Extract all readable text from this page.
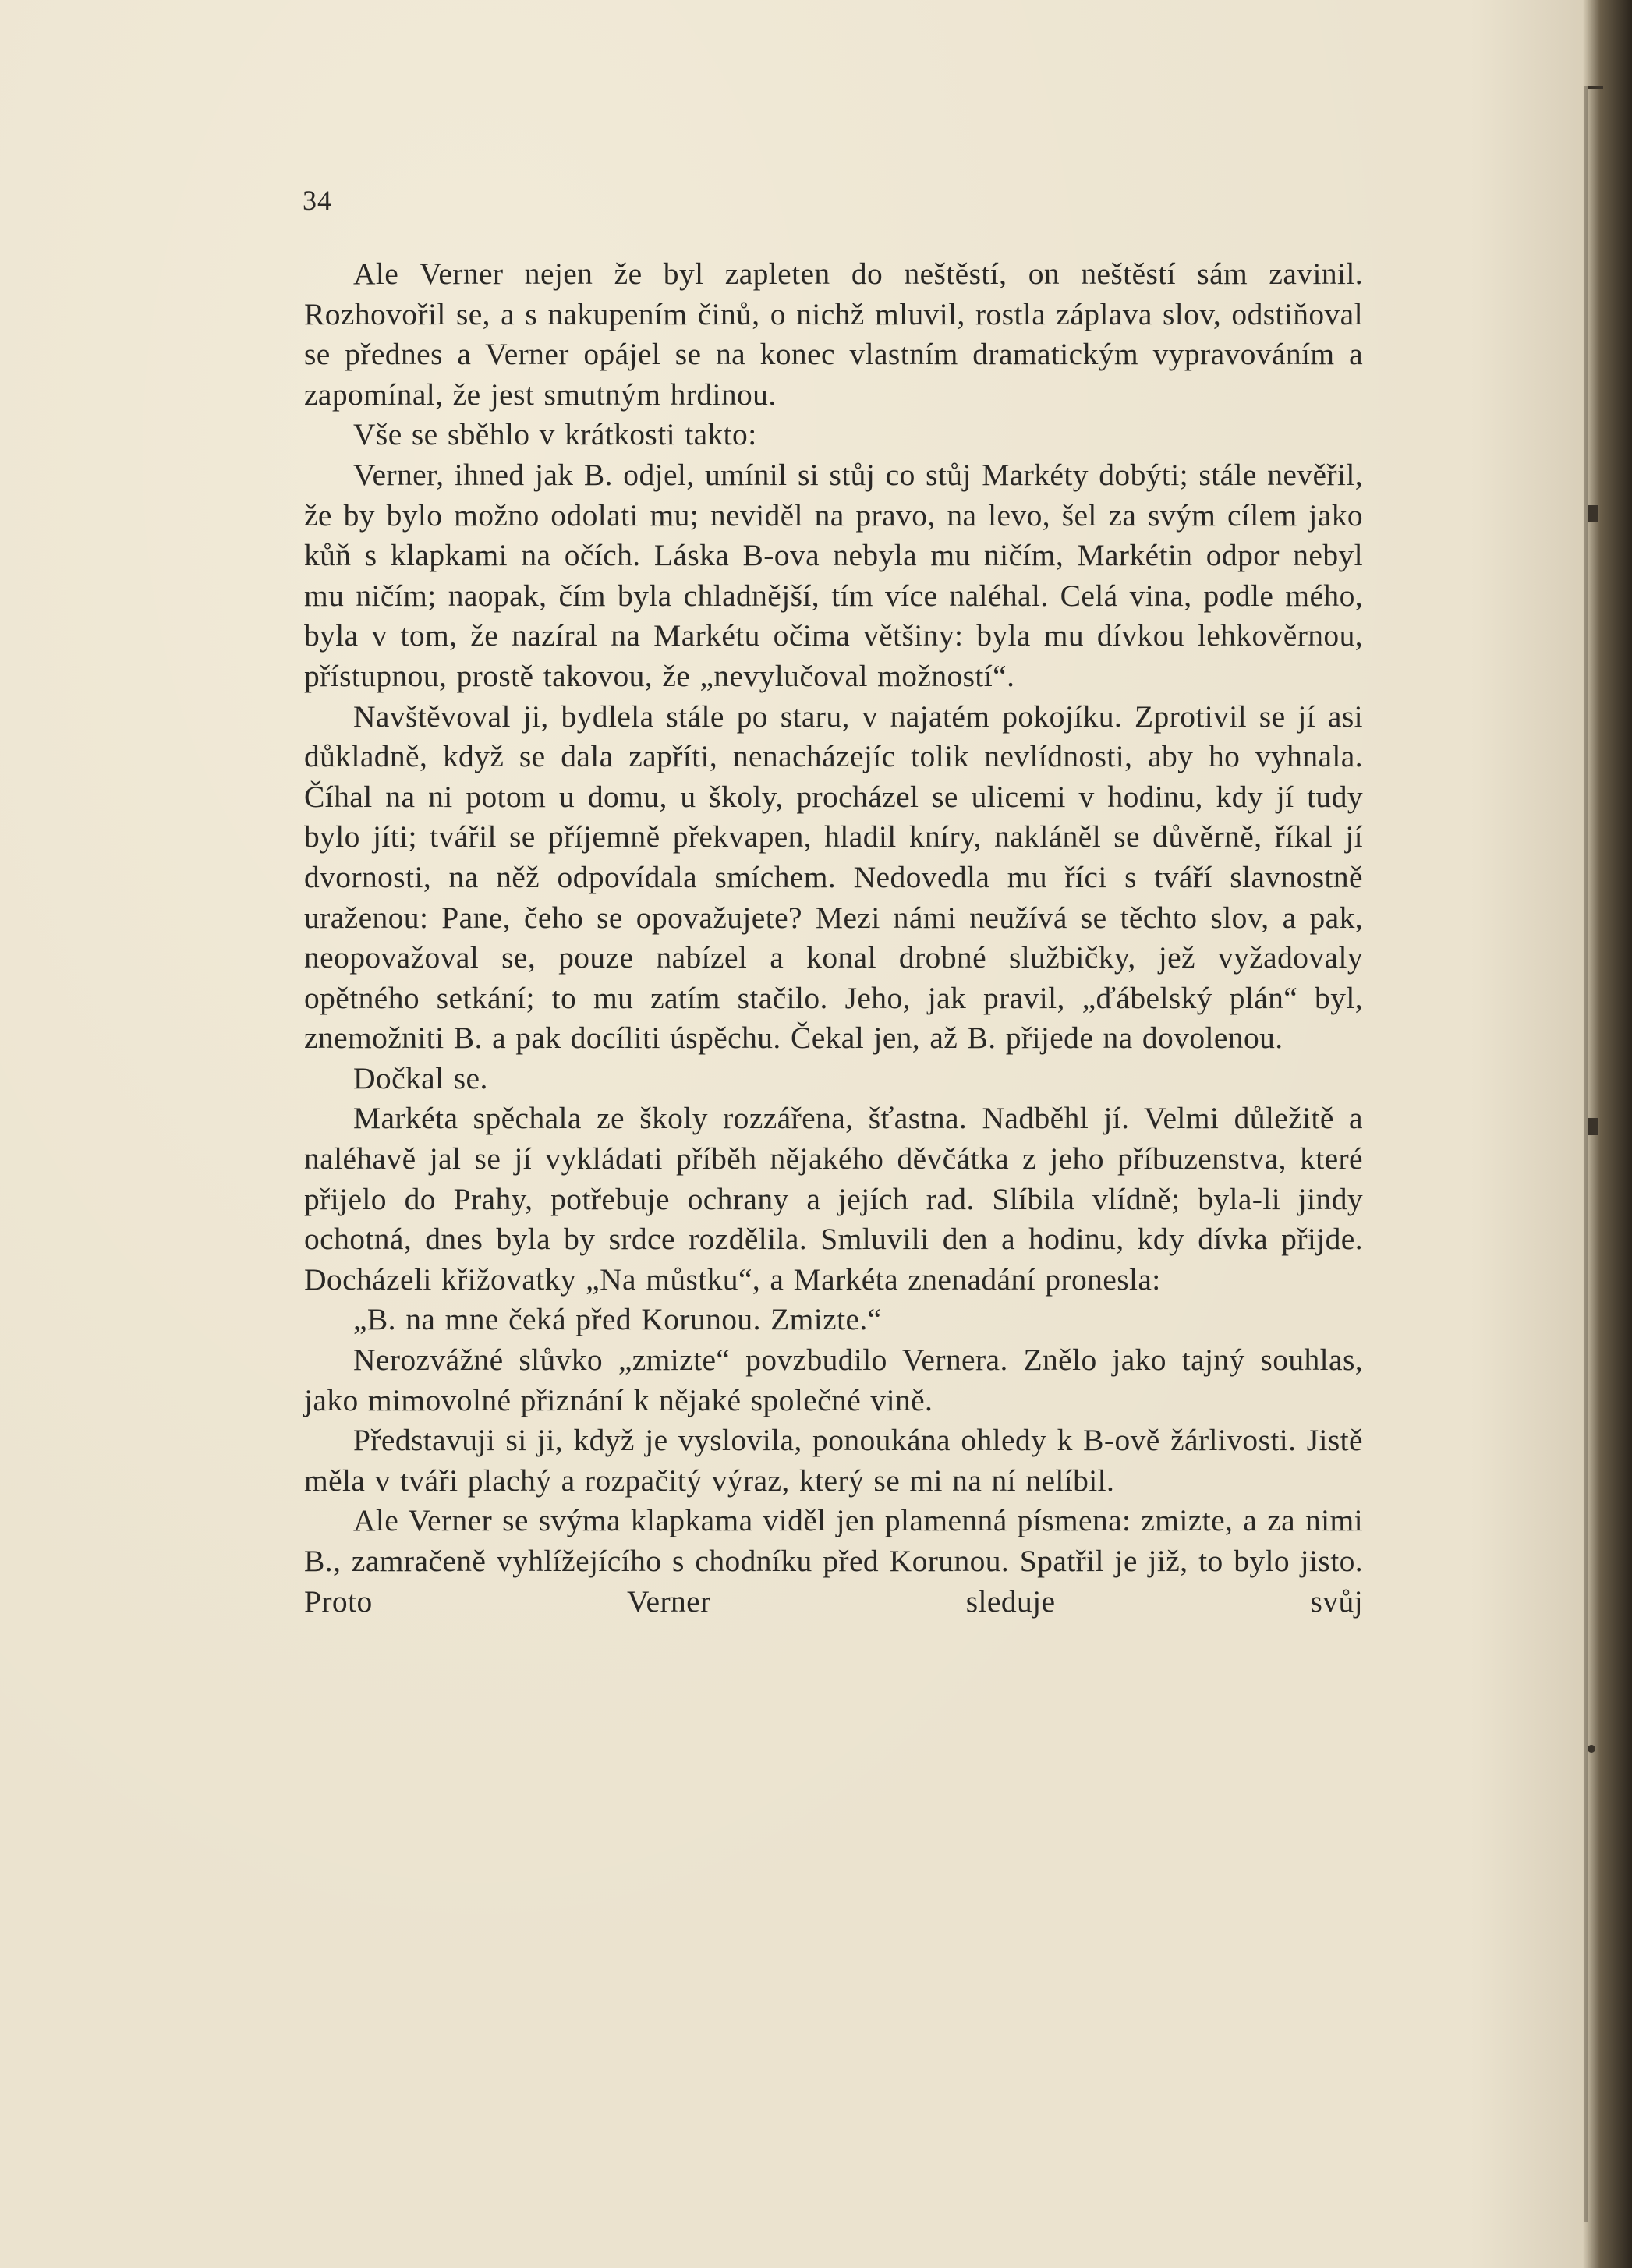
34

Ale Verner nejen že byl zapleten do neštěstí, on neštěstí sám zavinil. Rozhovořil se, a s nakupením činů, o nichž mluvil, rostla záplava slov, odstiňoval se přednes a Verner opájel se na konec vlastním dramatickým vypravováním a zapomínal, že jest smutným hrdinou.

Vše se sběhlo v krátkosti takto:

Verner, ihned jak B. odjel, umínil si stůj co stůj Markéty dobýti; stále nevěřil, že by bylo možno odolati mu; neviděl na pravo, na levo, šel za svým cílem jako kůň s klapkami na očích. Láska B-ova nebyla mu ničím, Markétin odpor nebyl mu ničím; naopak, čím byla chladnější, tím více naléhal. Celá vina, podle mého, byla v tom, že nazíral na Markétu očima většiny: byla mu dívkou lehkověrnou, přístupnou, prostě takovou, že „nevylučoval možností“.

Navštěvoval ji, bydlela stále po staru, v najatém pokojíku. Zprotivil se jí asi důkladně, když se dala zapříti, nenacházejíc tolik nevlídnosti, aby ho vyhnala. Číhal na ni potom u domu, u školy, procházel se ulicemi v hodinu, kdy jí tudy bylo jíti; tvářil se příjemně překvapen, hladil kníry, nakláněl se důvěrně, říkal jí dvornosti, na něž odpovídala smíchem. Nedovedla mu říci s tváří slavnostně uraženou: Pane, čeho se opovažujete? Mezi námi neužívá se těchto slov, a pak, neopovažoval se, pouze nabízel a konal drobné službičky, jež vyžadovaly opětného setkání; to mu zatím stačilo. Jeho, jak pravil, „ďábelský plán“ byl, znemožniti B. a pak docíliti úspěchu. Čekal jen, až B. přijede na dovolenou.

Dočkal se.

Markéta spěchala ze školy rozzářena, šťastna. Nadběhl jí. Velmi důležitě a naléhavě jal se jí vykládati příběh nějakého děvčátka z jeho příbuzenstva, které přijelo do Prahy, potřebuje ochrany a jejích rad. Slíbila vlídně; byla-li jindy ochotná, dnes byla by srdce rozdělila. Smluvili den a hodinu, kdy dívka přijde. Docházeli křižovatky „Na můstku“, a Markéta znenadání pronesla:

„B. na mne čeká před Korunou. Zmizte.“

Nerozvážné slůvko „zmizte“ povzbudilo Vernera. Znělo jako tajný souhlas, jako mimovolné přiznání k nějaké společné vině.

Představuji si ji, když je vyslovila, ponoukána ohledy k B-ově žárlivosti. Jistě měla v tváři plachý a rozpačitý výraz, který se mi na ní nelíbil.

Ale Verner se svýma klapkama viděl jen plamenná písmena: zmizte, a za nimi B., zamračeně vyhlížejícího s chodníku před Korunou. Spatřil je již, to bylo jisto. Proto Verner sleduje svůj
